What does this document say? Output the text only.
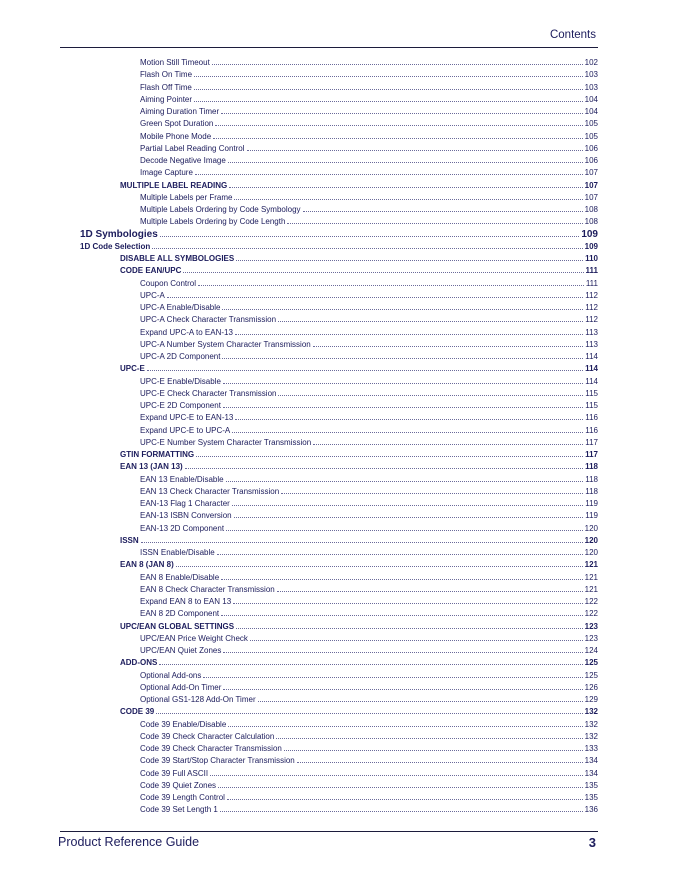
Contents
Motion Still Timeout	102
Flash On Time	103
Flash Off Time	103
Aiming Pointer	104
Aiming Duration Timer	104
Green Spot Duration	105
Mobile Phone Mode	105
Partial Label Reading Control	106
Decode Negative Image	106
Image Capture	107
MULTIPLE LABEL READING	107
Multiple Labels per Frame	107
Multiple Labels Ordering by Code Symbology	108
Multiple Labels Ordering by Code Length	108
1D Symbologies	109
1D Code Selection	109
DISABLE ALL SYMBOLOGIES	110
CODE EAN/UPC	111
Coupon Control	111
UPC-A	112
UPC-A Enable/Disable	112
UPC-A Check Character Transmission	112
Expand UPC-A to EAN-13	113
UPC-A Number System Character Transmission	113
UPC-A 2D Component	114
UPC-E	114
UPC-E Enable/Disable	114
UPC-E Check Character Transmission	115
UPC-E 2D Component	115
Expand UPC-E to EAN-13	116
Expand UPC-E to UPC-A	116
UPC-E Number System Character Transmission	117
GTIN FORMATTING	117
EAN 13 (JAN 13)	118
EAN 13 Enable/Disable	118
EAN 13 Check Character Transmission	118
EAN-13 Flag 1 Character	119
EAN-13 ISBN Conversion	119
EAN-13 2D Component	120
ISSN	120
ISSN Enable/Disable	120
EAN 8 (JAN 8)	121
EAN 8 Enable/Disable	121
EAN 8 Check Character Transmission	121
Expand EAN 8 to EAN 13	122
EAN 8 2D Component	122
UPC/EAN GLOBAL SETTINGS	123
UPC/EAN Price Weight Check	123
UPC/EAN Quiet Zones	124
ADD-ONS	125
Optional Add-ons	125
Optional Add-On Timer	126
Optional GS1-128 Add-On Timer	129
CODE 39	132
Code 39 Enable/Disable	132
Code 39 Check Character Calculation	132
Code 39 Check Character Transmission	133
Code 39 Start/Stop Character Transmission	134
Code 39 Full ASCII	134
Code 39 Quiet Zones	135
Code 39 Length Control	135
Code 39 Set Length 1	136
Product Reference Guide	3
